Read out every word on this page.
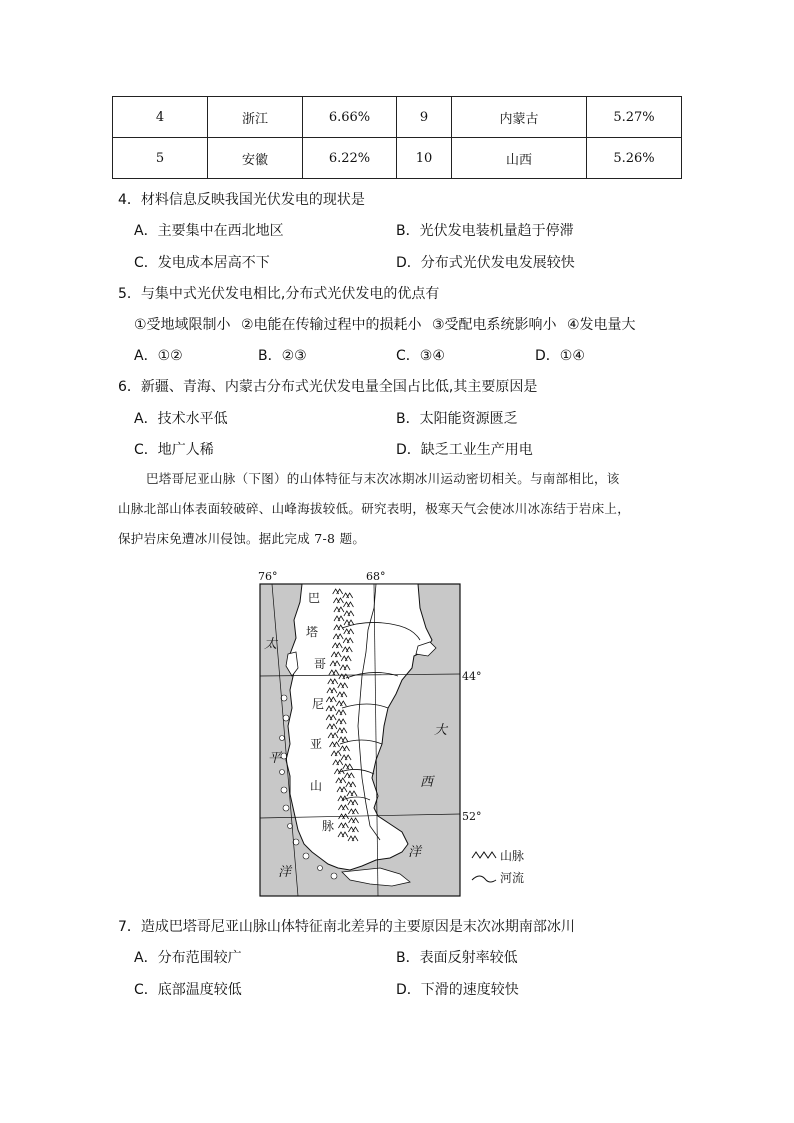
4	浙江	6.66%	9	内蒙古	5.27%
5	安徽	6.22%	10	山西	5.26%
4．材料信息反映我国光伏发电的现状是
A．主要集中在西北地区	B．光伏发电装机量趋于停滞
C．发电成本居高不下	D．分布式光伏发电发展较快
5．与集中式光伏发电相比,分布式光伏发电的优点有
①受地域限制小 ②电能在传输过程中的损耗小 ③受配电系统影响小 ④发电量大
A．①②	B．②③	C．③④	D．①④
6．新疆、青海、内蒙古分布式光伏发电量全国占比低,其主要原因是
A．技术水平低	B．太阳能资源匮乏
C．地广人稀	D．缺乏工业生产用电
巴塔哥尼亚山脉（下图）的山体特征与末次冰期冰川运动密切相关。与南部相比，该
山脉北部山体表面较破碎、山峰海拔较低。研究表明，极寒天气会使冰川冰冻结于岩床上，
保护岩床免遭冰川侵蚀。据此完成 7-8 题。
76°	68°
44°
52°
太
平
洋
大
西
洋
巴
塔
哥
尼
亚
山
脉
山脉
河流
7．造成巴塔哥尼亚山脉山体特征南北差异的主要原因是末次冰期南部冰川
A．分布范围较广	B．表面反射率较低
C．底部温度较低	D．下滑的速度较快
